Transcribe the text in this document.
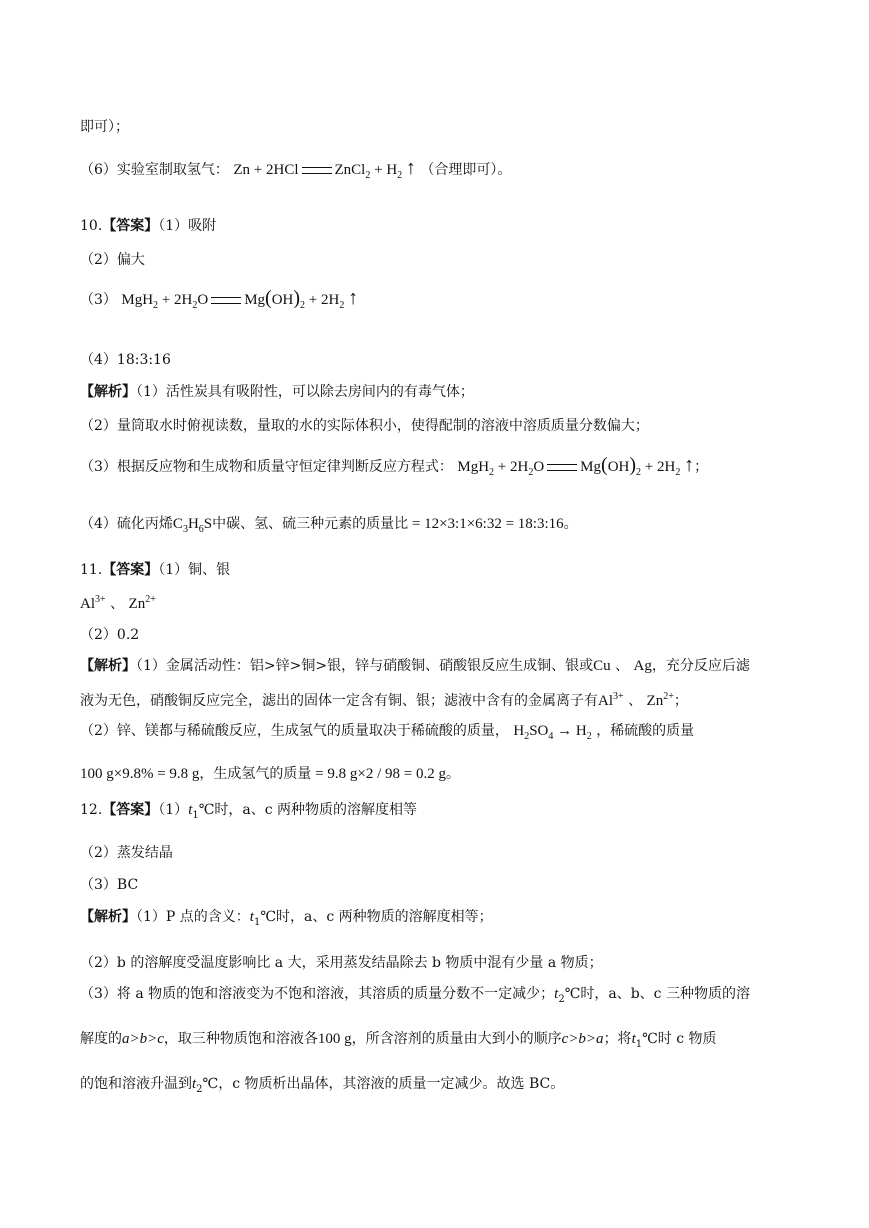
即可）；
（6）实验室制取氢气： Zn + 2HCl ZnCl$_2$ + $H_2$ ↑ （合理即可）。
10.【答案】（1）吸附
（2）偏大
（3） $MgH_2 + 2H_2O$ $Mg(OH)_2 + 2H_2$ ↑
（4）18:3:16
【解析】（1）活性炭具有吸附性，可以除去房间内的有毒气体；
（2）量筒取水时俯视读数，量取的水的实际体积小，使得配制的溶液中溶质质量分数偏大；
（3）根据反应物和生成物和质量守恒定律判断反应方程式： $MgH_2 + 2H_2O$ $Mg(OH)_2 + 2H_2$ ↑；
（4）硫化丙烯$C_3H_6S$中碳、氢、硫三种元素的质量比 = 12×3:1×6:32 = 18:3:16。
11.【答案】（1）铜、银
$Al^{3+}$ 、 $Zn^{2+}$
（2）0.2
【解析】（1）金属活动性：铝>锌>铜>银，锌与硝酸铜、硝酸银反应生成铜、银或Cu 、 Ag，充分反应后滤
液为无色，硝酸铜反应完全，滤出的固体一定含有铜、银；滤液中含有的金属离子有$Al^{3+}$ 、 $Zn^{2+}$；
（2）锌、镁都与稀硫酸反应，生成氢气的质量取决于稀硫酸的质量， $H_2SO_4 \to H_2$ ，稀硫酸的质量
100 g×9.8% = 9.8 g，生成氢气的质量 = 9.8 g×2 / 98 = 0.2 g。
12.【答案】$(1)t_1℃$时，a、c 两种物质的溶解度相等
（2）蒸发结晶
（3）BC
【解析】（1）P 点的含义：$t_1℃$时，a、c 两种物质的溶解度相等；
（2）b 的溶解度受温度影响比 a 大，采用蒸发结晶除去 b 物质中混有少量 a 物质；
（3）将 a 物质的饱和溶液变为不饱和溶液，其溶质的质量分数不一定减少；$t_2℃$时，a、b、c 三种物质的溶
解度的a>b>c，取三种物质饱和溶液各100 g，所含溶剂的质量由大到小的顺序c>b>a；将$t_1℃$时 c 物质
的饱和溶液升温到$t_2℃$，c 物质析出晶体，其溶液的质量一定减少。故选 BC。
